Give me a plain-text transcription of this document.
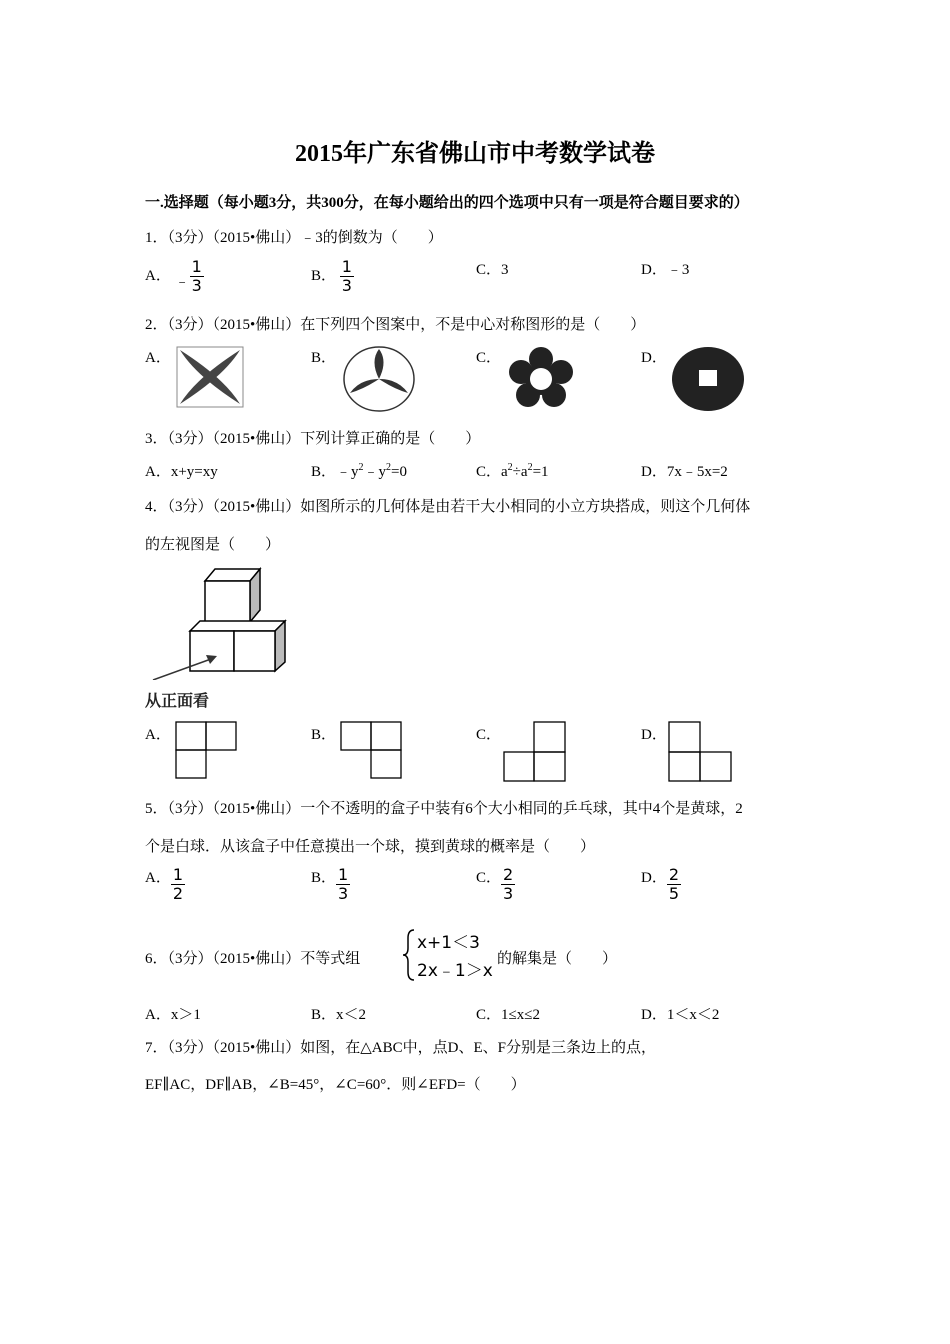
2015年广东省佛山市中考数学试卷
一.选择题（每小题3分，共300分，在每小题给出的四个选项中只有一项是符合题目要求的）
1．（3分）（2015•佛山）﹣3的倒数为（　　）
A． ﹣ $\frac{1}{3}$	B． $\frac{1}{3}$	C．3	D．﹣3
2．（3分）（2015•佛山）在下列四个图案中，不是中心对称图形的是（　　）
A．	B．	C．	D．
3．（3分）（2015•佛山）下列计算正确的是（　　）
A．x+y=xy	B．$﹣y^2﹣y^2=0$	C．$a^2\div a^2=1$	D．7x﹣5x=2
4．（3分）（2015•佛山）如图所示的几何体是由若干大小相同的小立方块搭成，则这个几何体
的左视图是（　　）
从正面看
A．	B．	C．	D．
5．（3分）（2015•佛山）一个不透明的盒子中装有6个大小相同的乒乓球，其中4个是黄球，2
个是白球．从该盒子中任意摸出一个球，摸到黄球的概率是（　　）
A． $\frac{1}{2}$	B． $\frac{1}{3}$	C． $\frac{2}{3}$	D． $\frac{2}{5}$
6．（3分）（2015•佛山）不等式组
x+1＜3
2x﹣1＞x
的解集是（　　）
A．x＞1	B．x＜2	C．1≤x≤2	D．1＜x＜2
7．（3分）（2015•佛山）如图，在△ABC中，点D、E、F分别是三条边上的点，
EF∥AC，DF∥AB，∠B=45°，∠C=60°．则∠EFD=（　　）
